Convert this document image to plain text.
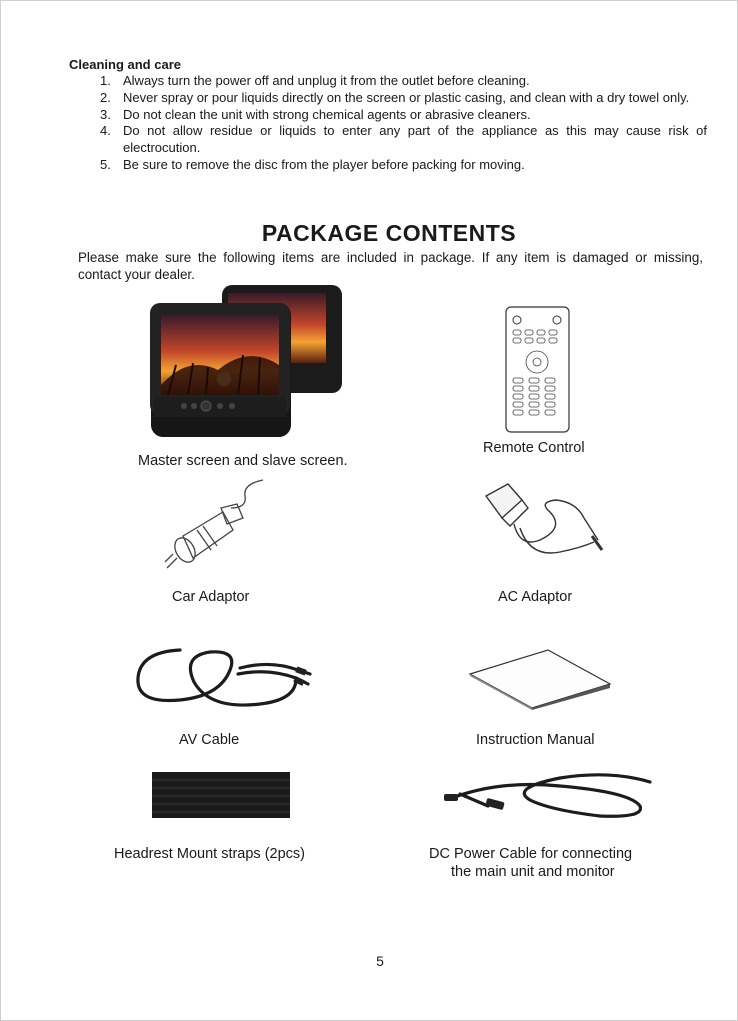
Cleaning and care
1. Always turn the power off and unplug it from the outlet before cleaning.
2. Never spray or pour liquids directly on the screen or plastic casing, and clean with a dry towel only.
3. Do not clean the unit with strong chemical agents or abrasive cleaners.
4. Do not allow residue or liquids to enter any part of the appliance as this may cause risk of electrocution.
5. Be sure to remove the disc from the player before packing for moving.
PACKAGE CONTENTS
Please make sure the following items are included in package. If any item is damaged or missing,
contact your dealer.
Master screen and slave screen.
Remote Control
Car Adaptor	AC Adaptor
AV Cable	Instruction Manual
Headrest Mount straps (2pcs)	DC Power Cable for connecting
the main unit and monitor
5
